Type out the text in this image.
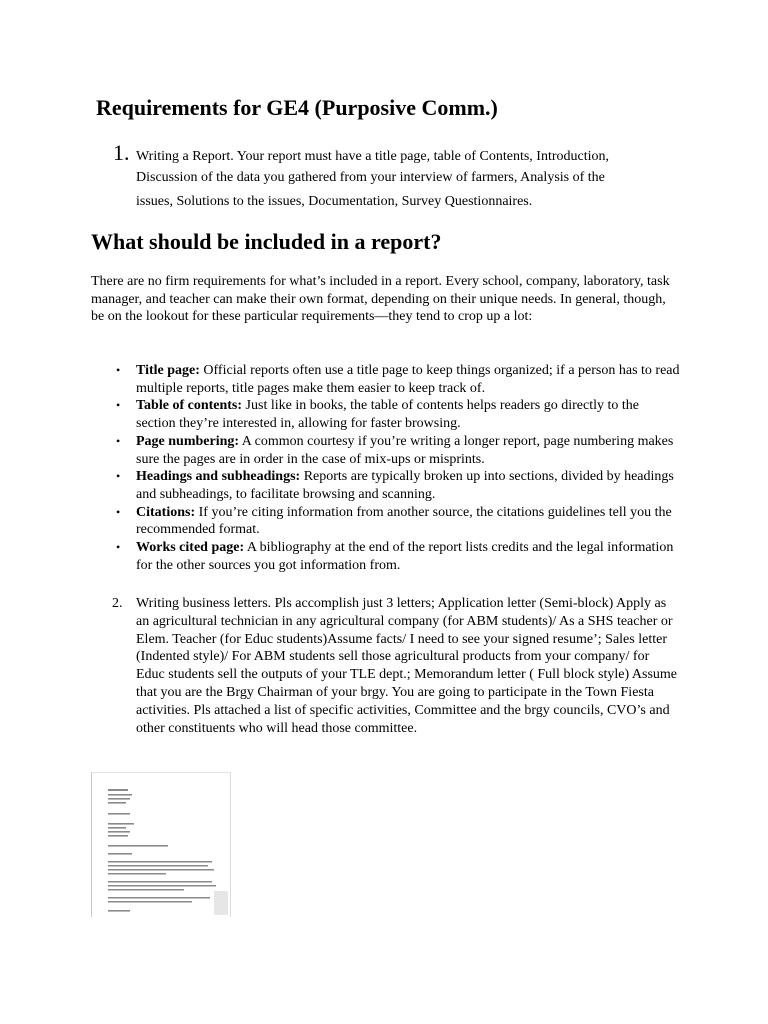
Requirements for GE4 (Purposive Comm.)
1. Writing a Report. Your report must have a title page, table of Contents, Introduction,
Discussion of the data you gathered from your interview of farmers, Analysis of the
issues, Solutions to the issues, Documentation, Survey Questionnaires.

What should be included in a report?

There are no firm requirements for what’s included in a report. Every school, company, laboratory, task manager, and teacher can make their own format, depending on their unique needs. In general, though, be on the lookout for these particular requirements—they tend to crop up a lot:

• Title page: Official reports often use a title page to keep things organized; if a person has to read multiple reports, title pages make them easier to keep track of.
• Table of contents: Just like in books, the table of contents helps readers go directly to the section they’re interested in, allowing for faster browsing.
• Page numbering: A common courtesy if you’re writing a longer report, page numbering makes sure the pages are in order in the case of mix-ups or misprints.
• Headings and subheadings: Reports are typically broken up into sections, divided by headings and subheadings, to facilitate browsing and scanning.
• Citations: If you’re citing information from another source, the citations guidelines tell you the recommended format.
• Works cited page: A bibliography at the end of the report lists credits and the legal information for the other sources you got information from.
2. Writing business letters. Pls accomplish just 3 letters; Application letter (Semi-block) Apply as an agricultural technician in any agricultural company (for ABM students)/ As a SHS teacher or Elem. Teacher (for Educ students)Assume facts/ I need to see your signed resume’; Sales letter (Indented style)/ For ABM students sell those agricultural products from your company/ for Educ students sell the outputs of your TLE dept.; Memorandum letter ( Full block style) Assume that you are the Brgy Chairman of your brgy. You are going to participate in the Town Fiesta activities. Pls attached a list of specific activities, Committee and the brgy councils, CVO’s and other constituents who will head those committee.
